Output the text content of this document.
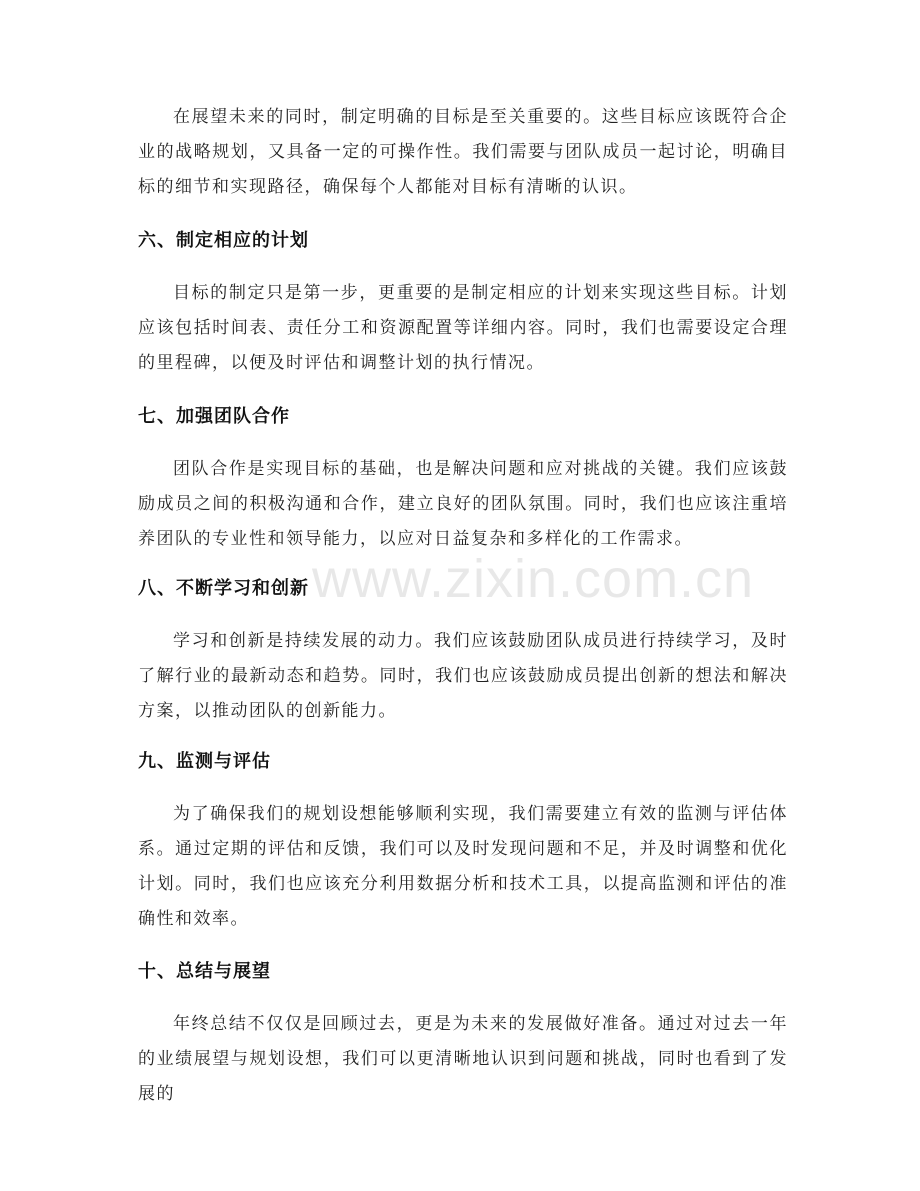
在展望未来的同时，制定明确的目标是至关重要的。这些目标应该既符合企业的战略规划，又具备一定的可操作性。我们需要与团队成员一起讨论，明确目标的细节和实现路径，确保每个人都能对目标有清晰的认识。

六、制定相应的计划

目标的制定只是第一步，更重要的是制定相应的计划来实现这些目标。计划应该包括时间表、责任分工和资源配置等详细内容。同时，我们也需要设定合理的里程碑，以便及时评估和调整计划的执行情况。

七、加强团队合作

团队合作是实现目标的基础，也是解决问题和应对挑战的关键。我们应该鼓励成员之间的积极沟通和合作，建立良好的团队氛围。同时，我们也应该注重培养团队的专业性和领导能力，以应对日益复杂和多样化的工作需求。

八、不断学习和创新

学习和创新是持续发展的动力。我们应该鼓励团队成员进行持续学习，及时了解行业的最新动态和趋势。同时，我们也应该鼓励成员提出创新的想法和解决方案，以推动团队的创新能力。

九、监测与评估

为了确保我们的规划设想能够顺利实现，我们需要建立有效的监测与评估体系。通过定期的评估和反馈，我们可以及时发现问题和不足，并及时调整和优化计划。同时，我们也应该充分利用数据分析和技术工具，以提高监测和评估的准确性和效率。

十、总结与展望

年终总结不仅仅是回顾过去，更是为未来的发展做好准备。通过对过去一年的业绩展望与规划设想，我们可以更清晰地认识到问题和挑战，同时也看到了发展的

www.zixin.com.cn
